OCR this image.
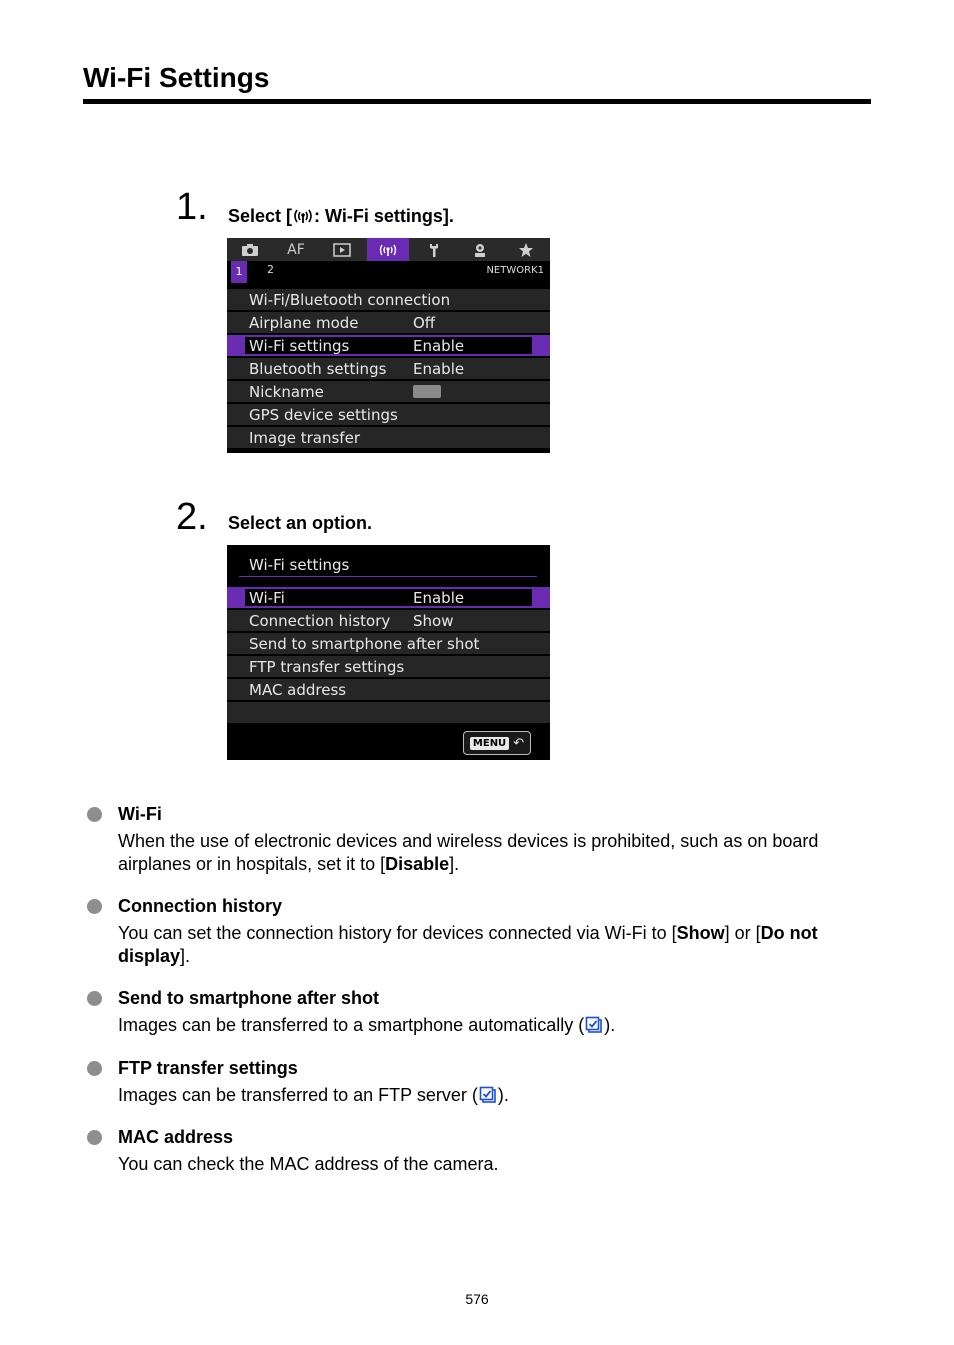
Wi-Fi Settings
1. Select [ : Wi-Fi settings].
AF
1	2	NETWORK1
Wi-Fi/Bluetooth connection
Airplane mode	Off
Wi-Fi settings	Enable
Bluetooth settings Enable
Nickname
GPS device settings
Image transfer
2. Select an option.
Wi-Fi settings
Wi-Fi	Enable
Connection history Show
Send to smartphone after shot
FTP transfer settings
MAC address
MENU ↶
Wi-Fi
When the use of electronic devices and wireless devices is prohibited, such as on board airplanes or in hospitals, set it to [Disable].
Connection history
You can set the connection history for devices connected via Wi-Fi to [Show] or [Do not display].
Send to smartphone after shot
Images can be transferred to a smartphone automatically ( ).
FTP transfer settings
Images can be transferred to an FTP server ( ).
MAC address
You can check the MAC address of the camera.
576
